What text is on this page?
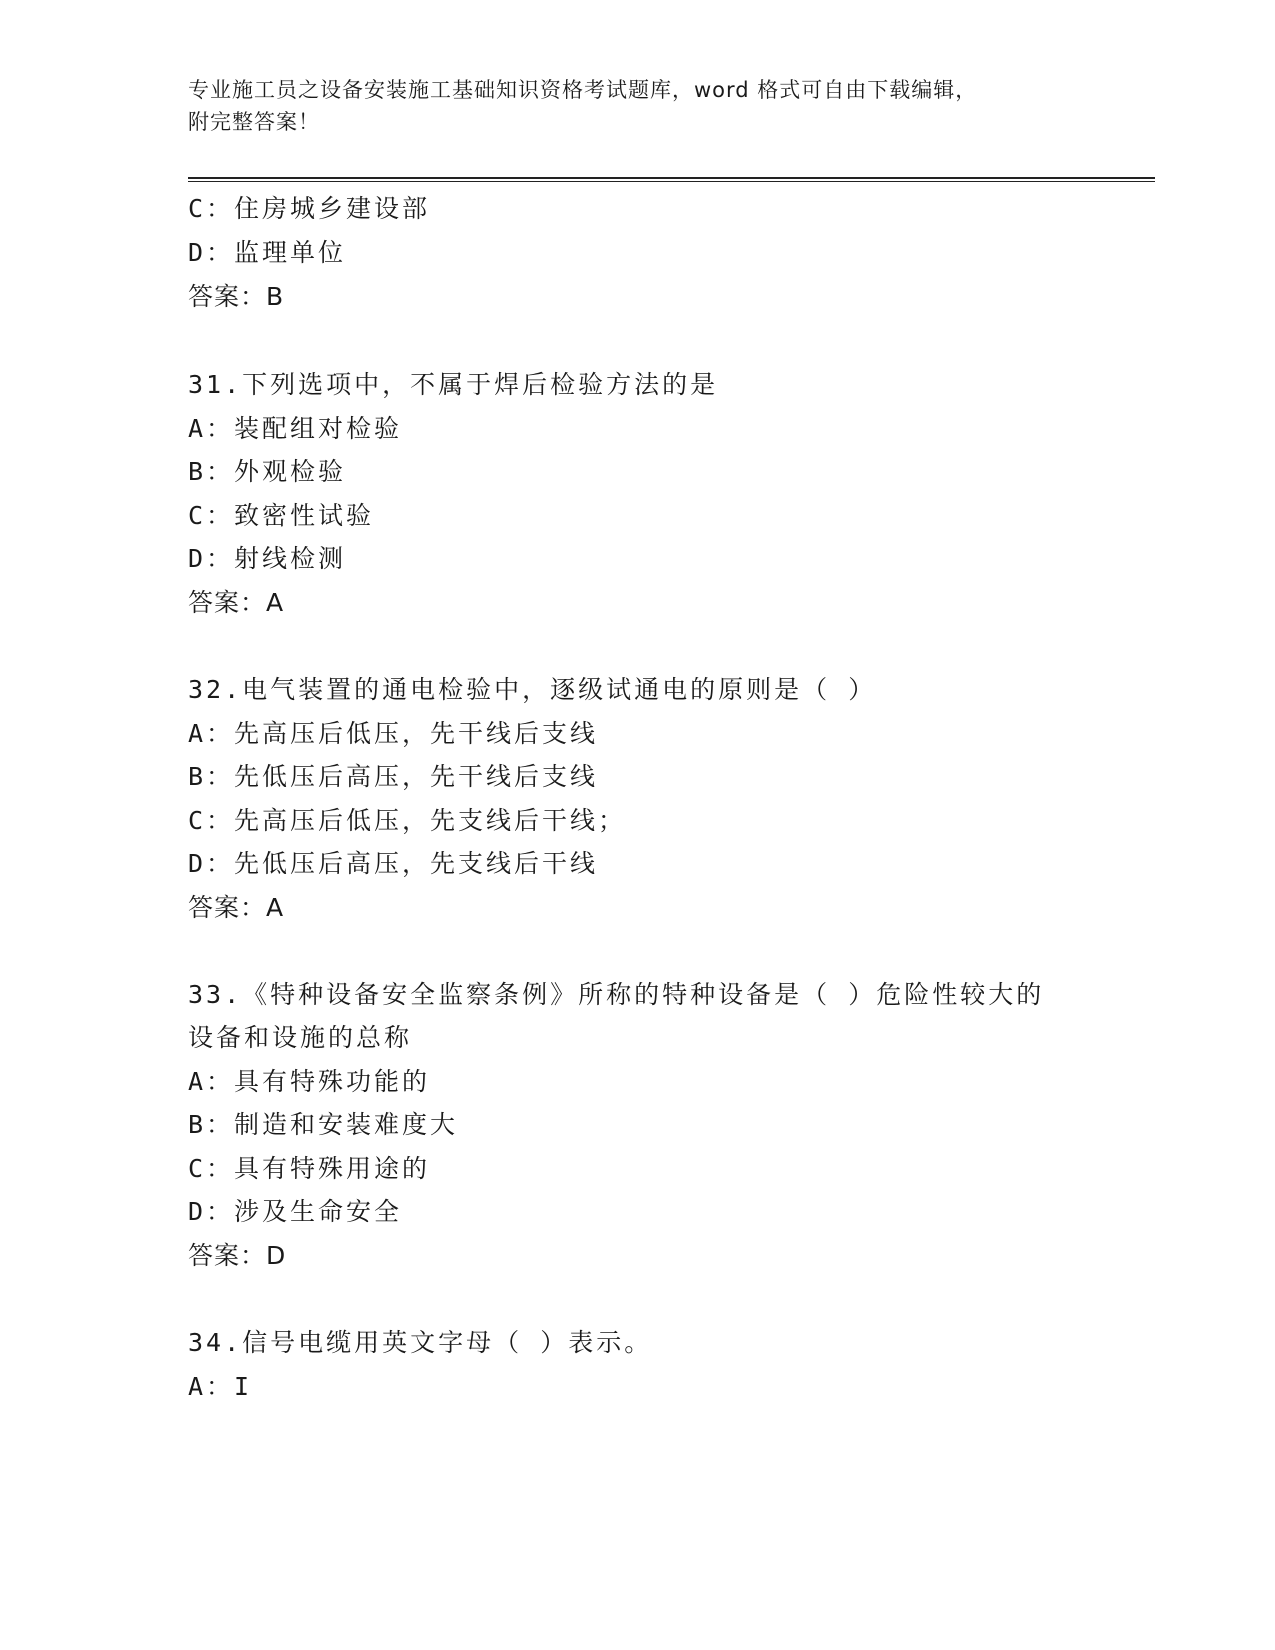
专业施工员之设备安装施工基础知识资格考试题库，word 格式可自由下载编辑，
附完整答案！
C：住房城乡建设部
D：监理单位
答案：B
31.下列选项中，不属于焊后检验方法的是
A：装配组对检验
B：外观检验
C：致密性试验
D：射线检测
答案：A
32.电气装置的通电检验中，逐级试通电的原则是（ ）
A：先高压后低压，先干线后支线
B：先低压后高压，先干线后支线
C：先高压后低压，先支线后干线；
D：先低压后高压，先支线后干线
答案：A
33.《特种设备安全监察条例》所称的特种设备是（ ）危险性较大的
设备和设施的总称
A：具有特殊功能的
B：制造和安装难度大
C：具有特殊用途的
D：涉及生命安全
答案：D
34.信号电缆用英文字母（ ）表示。
A：I
